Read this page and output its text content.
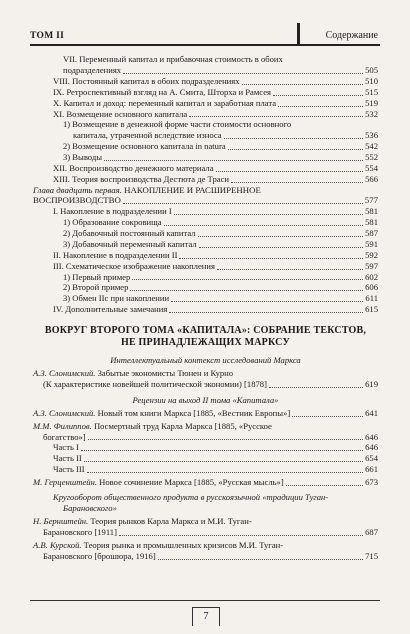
ТОМ II	Содержание
VII. Переменный капитал и прибавочная стоимость в обоих
подразделениях	505
VIII. Постоянный капитал в обоих подразделениях	510
IX. Ретроспективный взгляд на А. Смита, Шторха и Рамсея	515
X. Капитал и доход: переменный капитал и заработная плата	519
XI. Возмещение основного капитала	532
1) Возмещение в денежной форме части стоимости основного
капитала, утраченной вследствие износа	536
2) Возмещение основного капитала in natura	542
3) Выводы	552
XII. Воспроизводство денежного материала	554
XIII. Теория воспроизводства Дестюта де Траси	566
Глава двадцать первая. НАКОПЛЕНИЕ И РАСШИРЕННОЕ
ВОСПРОИЗВОДСТВО	577
I. Накопление в подразделении I	581
1) Образование сокровища	581
2) Добавочный постоянный капитал	587
3) Добавочный переменный капитал	591
II. Накопление в подразделении II	592
III. Схематическое изображение накопления	597
1) Первый пример	602
2) Второй пример	606
3) Обмен IIc при накоплении	611
IV. Дополнительные замечания	615
ВОКРУГ ВТОРОГО ТОМА «КАПИТАЛА»: СОБРАНИЕ ТЕКСТОВ,
НЕ ПРИНАДЛЕЖАЩИХ МАРКСУ
Интеллектуальный контекст исследований Маркса
А.З. Слонимский. Забытые экономисты Тюнен и Курно
(К характеристике новейшей политической экономии) [1878]	619
Рецензии на выход II тома «Капитала»
А.З. Слонимский. Новый том книги Маркса [1885, «Вестник Европы»]	641
М.М. Филиппов. Посмертный труд Карла Маркса [1885, «Русское
богатство»]	646
Часть I	646
Часть II	654
Часть III	661
М. Герценштейн. Новое сочинение Маркса [1885, «Русская мысль»]	673
Кругооборот общественного продукта в русскоязычной «традиции Туган-
Барановского»
Н. Бернштейн. Теория рынков Карла Маркса и М.И. Туган-
Барановского [1911]	687
А.В. Курской. Теория рынка и промышленных кризисов М.И. Туган-
Барановского [брошюра, 1916]	715
7
